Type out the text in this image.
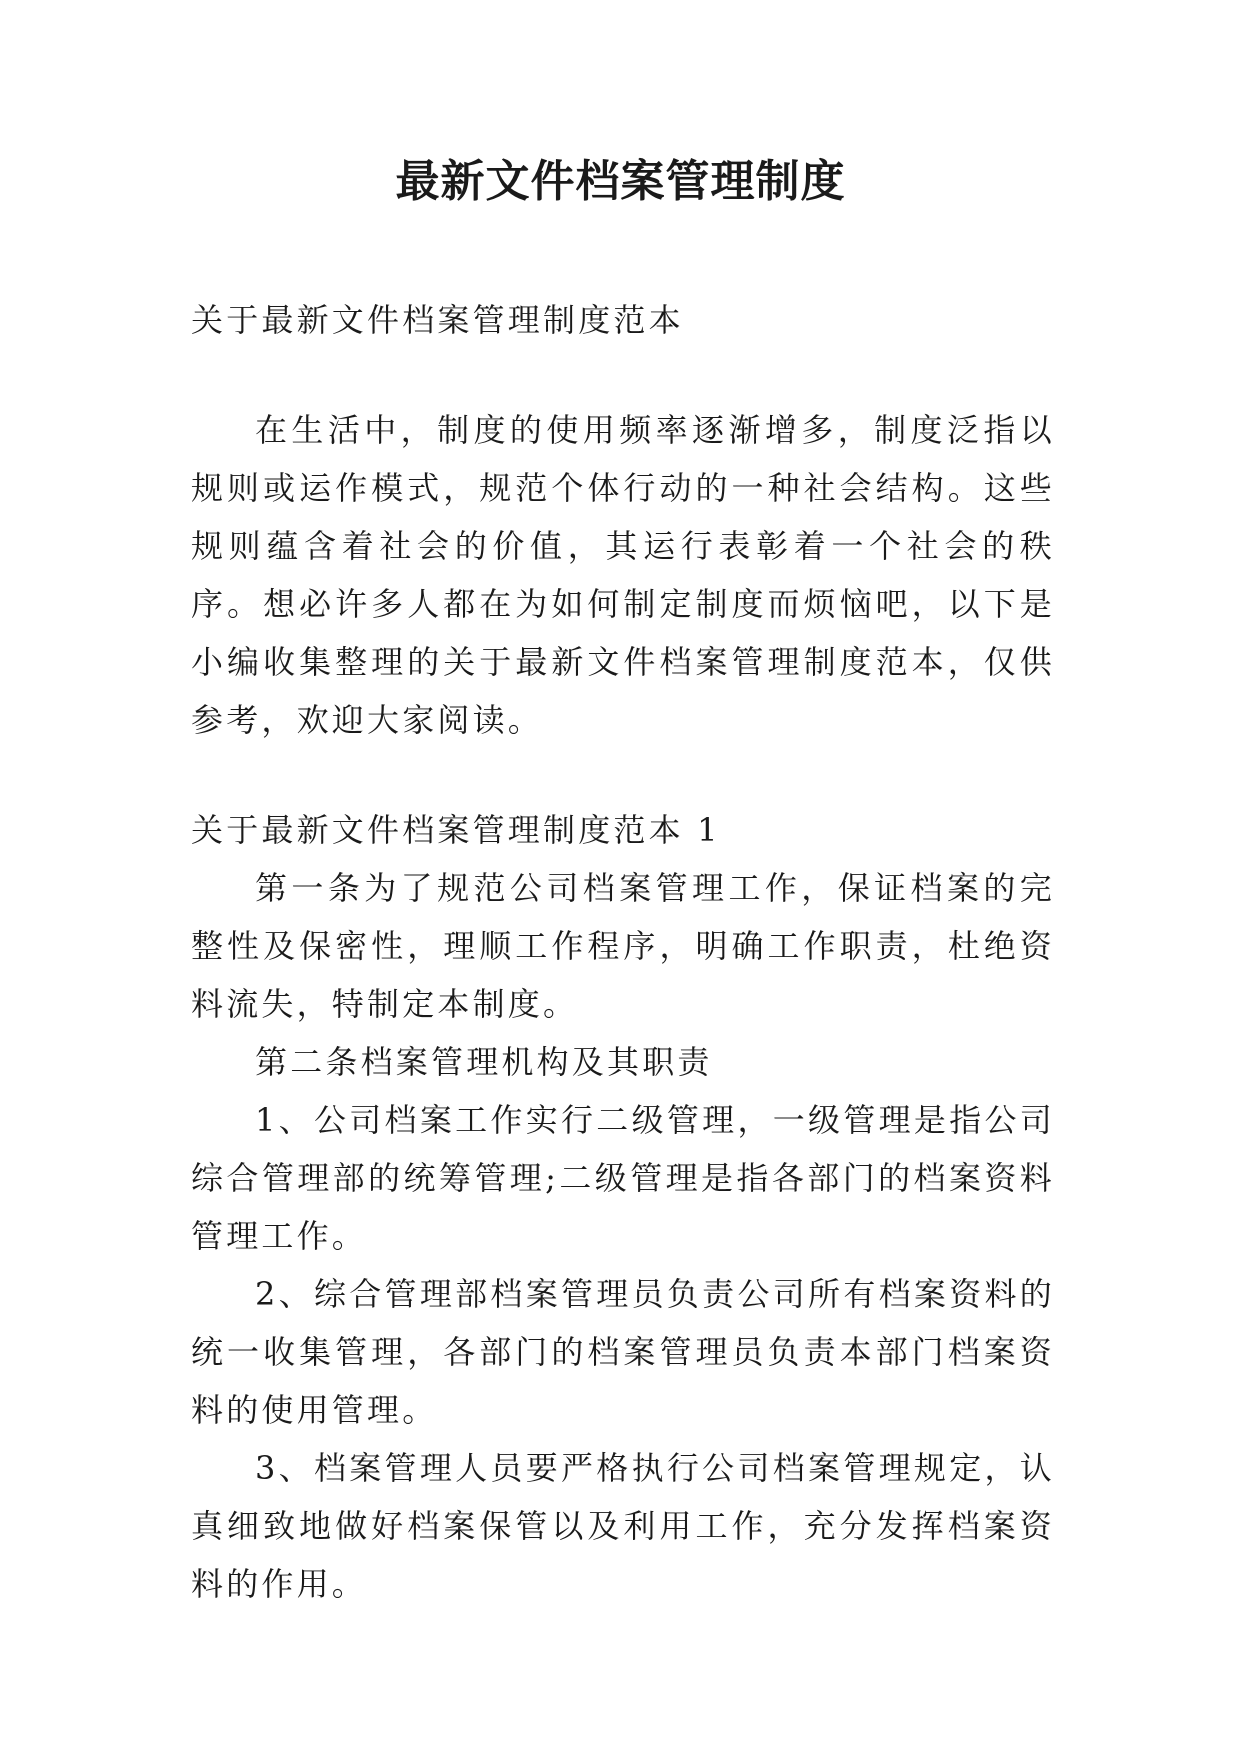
最新文件档案管理制度

关于最新文件档案管理制度范本

在生活中，制度的使用频率逐渐增多，制度泛指以规则或运作模式，规范个体行动的一种社会结构。这些规则蕴含着社会的价值，其运行表彰着一个社会的秩序。想必许多人都在为如何制定制度而烦恼吧，以下是小编收集整理的关于最新文件档案管理制度范本，仅供参考，欢迎大家阅读。

关于最新文件档案管理制度范本 1

第一条为了规范公司档案管理工作，保证档案的完整性及保密性，理顺工作程序，明确工作职责，杜绝资料流失，特制定本制度。

第二条档案管理机构及其职责

1、公司档案工作实行二级管理，一级管理是指公司综合管理部的统筹管理;二级管理是指各部门的档案资料管理工作。

2、综合管理部档案管理员负责公司所有档案资料的统一收集管理，各部门的档案管理员负责本部门档案资料的使用管理。

3、档案管理人员要严格执行公司档案管理规定，认真细致地做好档案保管以及利用工作，充分发挥档案资料的作用。
